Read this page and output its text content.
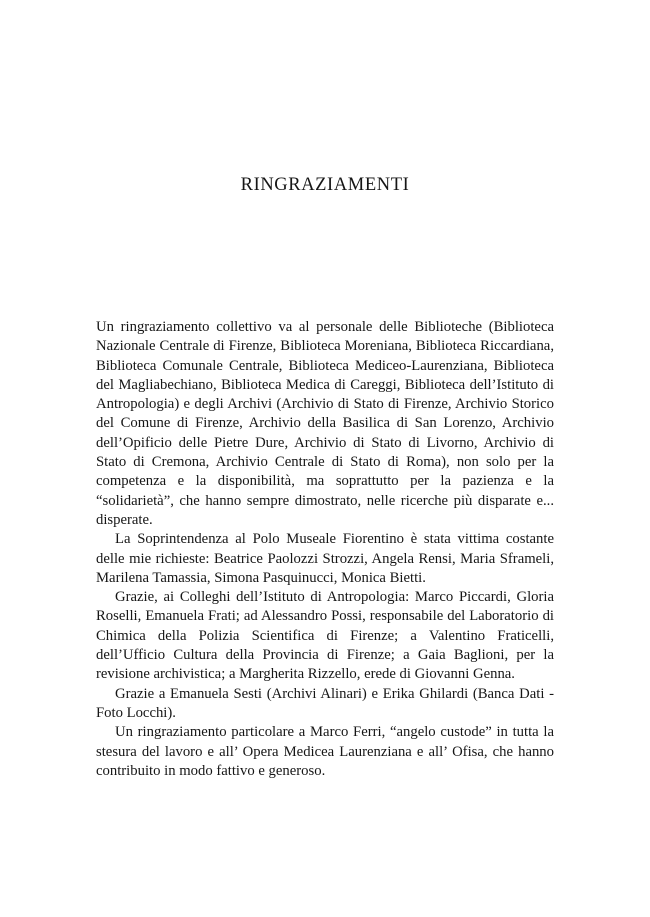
RINGRAZIAMENTI

Un ringraziamento collettivo va al personale delle Biblioteche (Biblioteca Nazionale Centrale di Firenze, Biblioteca Moreniana, Biblioteca Riccardiana, Biblioteca Comunale Centrale, Biblioteca Mediceo-Laurenziana, Biblioteca del Magliabechiano, Biblioteca Medica di Careggi, Biblioteca dell’Istituto di Antropologia) e degli Archivi (Archivio di Stato di Firenze, Archivio Storico del Comune di Firenze, Archivio della Basilica di San Lorenzo, Archivio dell’Opificio delle Pietre Dure, Archivio di Stato di Livorno, Archivio di Stato di Cremona, Archivio Centrale di Stato di Roma), non solo per la competenza e la disponibilità, ma soprattutto per la pazienza e la “solidarietà”, che hanno sempre dimostrato, nelle ricerche più disparate e... disperate.

La Soprintendenza al Polo Museale Fiorentino è stata vittima costante delle mie richieste: Beatrice Paolozzi Strozzi, Angela Rensi, Maria Sframeli, Marilena Tamassia, Simona Pasquinucci, Monica Bietti.

Grazie, ai Colleghi dell’Istituto di Antropologia: Marco Piccardi, Gloria Roselli, Emanuela Frati; ad Alessandro Possi, responsabile del Laboratorio di Chimica della Polizia Scientifica di Firenze; a Valentino Fraticelli, dell’Ufficio Cultura della Provincia di Firenze; a Gaia Baglioni, per la revisione archivistica; a Margherita Rizzello, erede di Giovanni Genna.

Grazie a Emanuela Sesti (Archivi Alinari) e Erika Ghilardi (Banca Dati - Foto Locchi).

Un ringraziamento particolare a Marco Ferri, “angelo custode” in tutta la stesura del lavoro e all’ Opera Medicea Laurenziana e all’ Ofisa, che hanno contribuito in modo fattivo e generoso.
